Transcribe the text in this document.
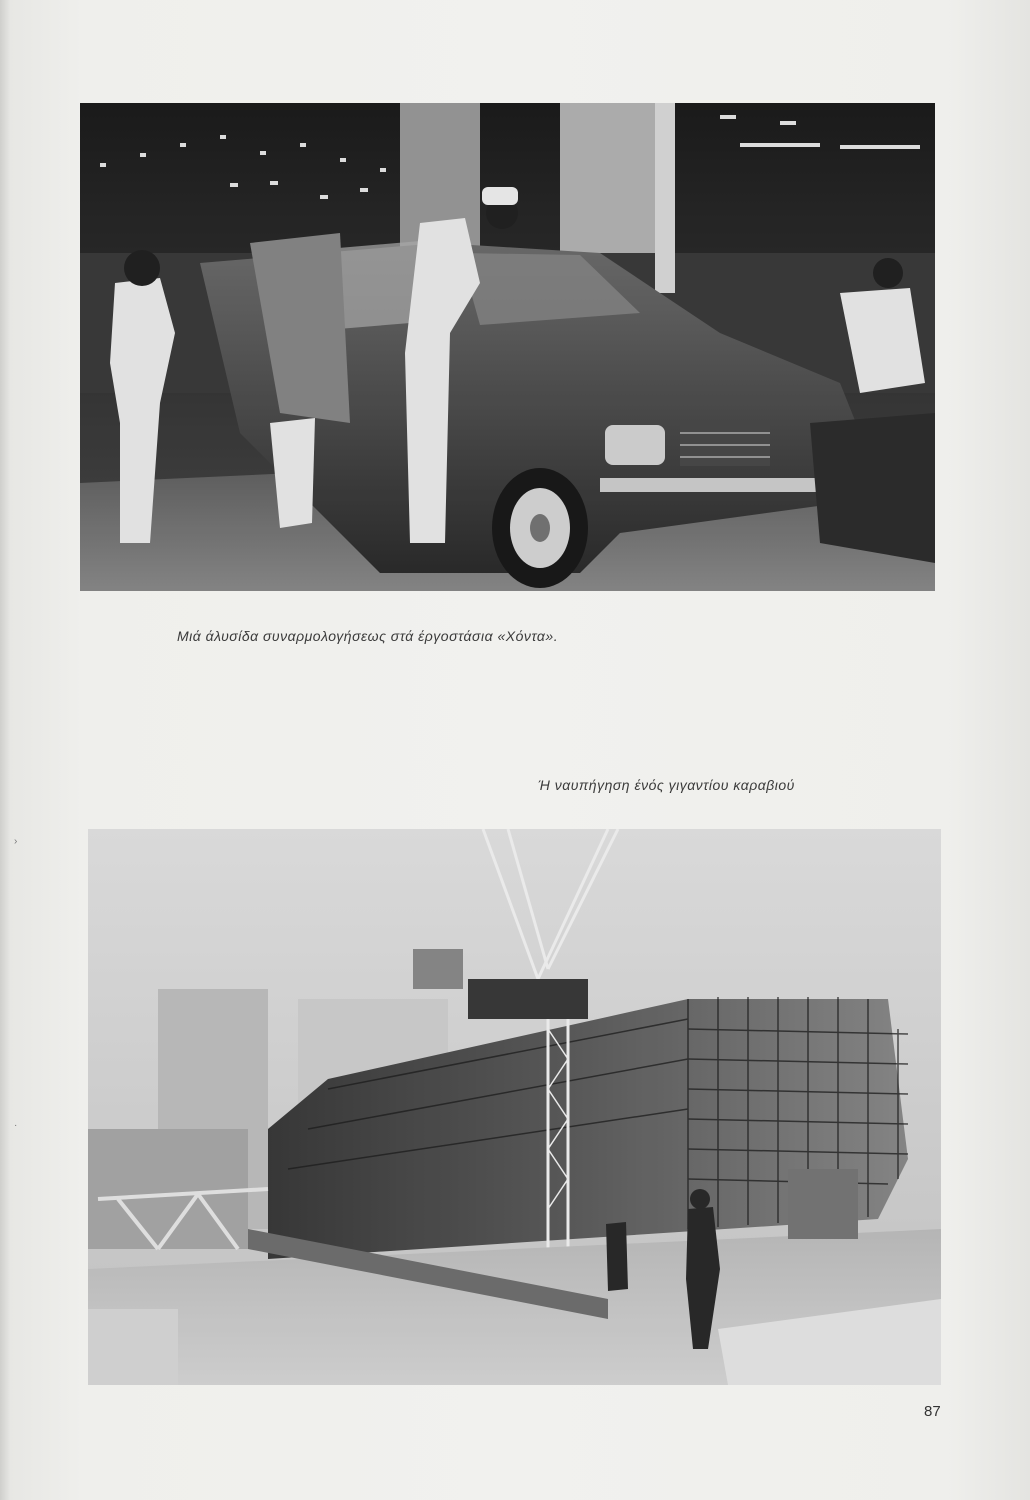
Μιά άλυσίδα συναρμολογήσεως στά έργοστάσια «Χόντα».
Ή ναυπήγηση ένός γιγαντίου καραβιού
87
›
·
